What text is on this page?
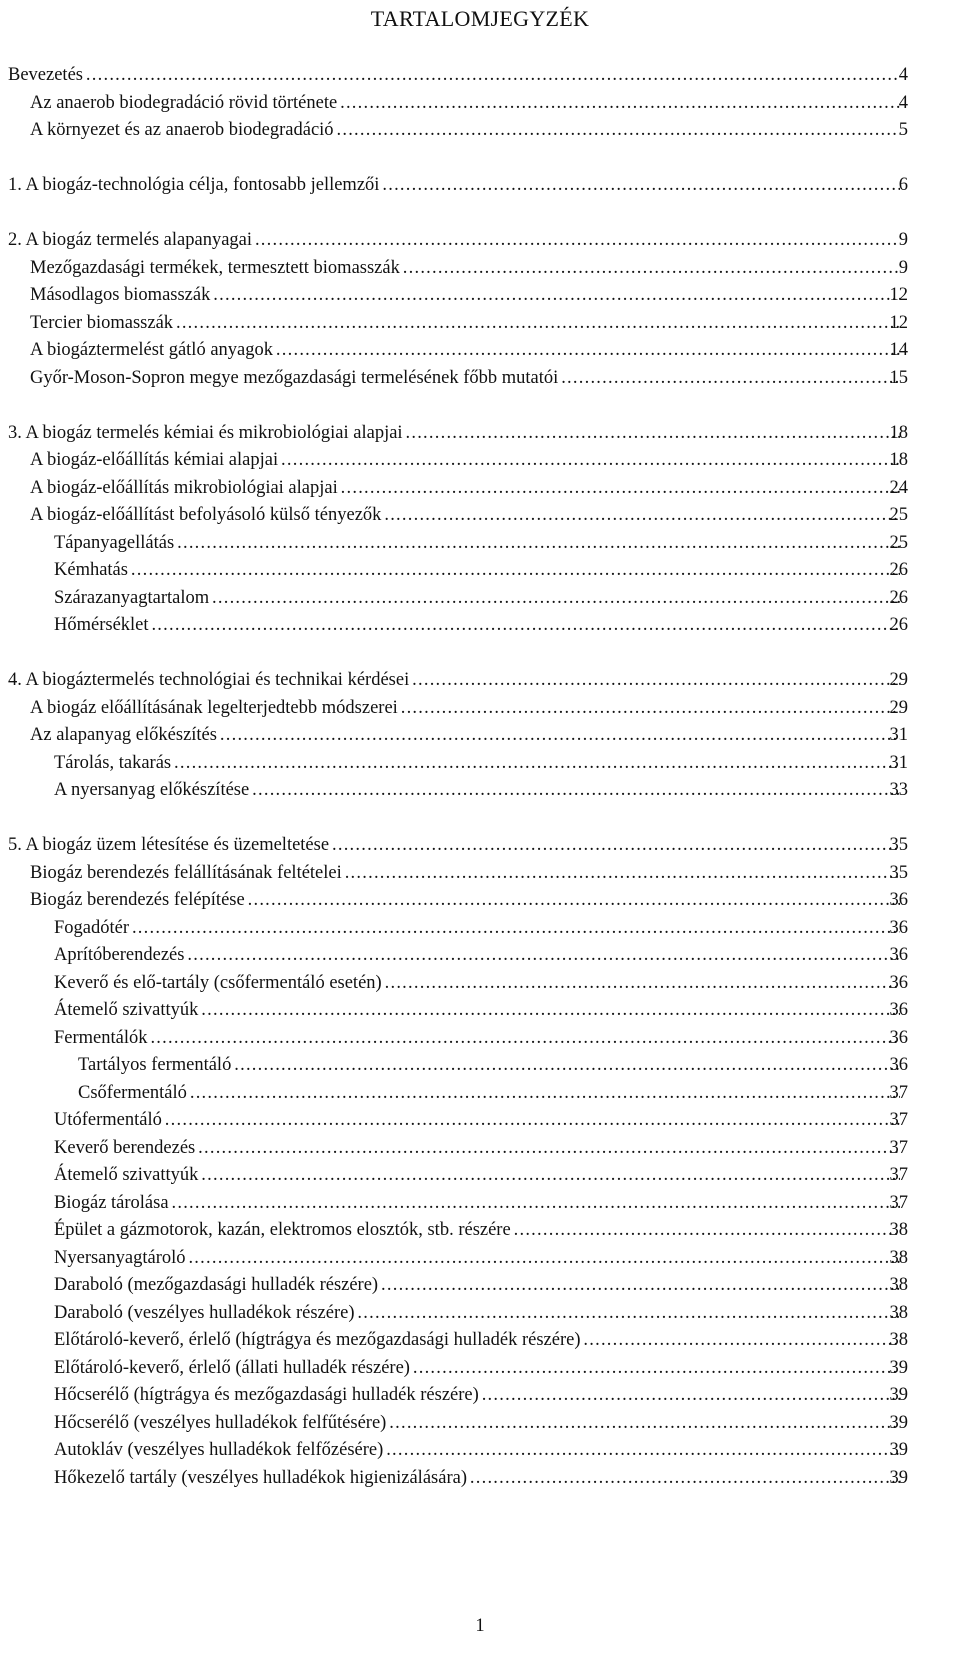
TARTALOMJEGYZÉK
Bevezetés . . .	4
Az anaerob biodegradáció rövid története . . .	4
A környezet és az anaerob biodegradáció . . .	5
1. A biogáz-technológia célja, fontosabb jellemzői . . .	6
2. A biogáz termelés alapanyagai . . .	9
Mezőgazdasági termékek, termesztett biomasszák . . .	9
Másodlagos biomasszák . . .	12
Tercier biomasszák . . .	12
A biogáztermelést gátló anyagok . . .	14
Győr-Moson-Sopron megye mezőgazdasági termelésének főbb mutatói . . .	15
3. A biogáz termelés kémiai és mikrobiológiai alapjai . . .	18
A biogáz-előállítás kémiai alapjai . . .	18
A biogáz-előállítás mikrobiológiai alapjai . . .	24
A biogáz-előállítást befolyásoló külső tényezők . . .	25
Tápanyagellátás . . .	25
Kémhatás . . .	26
Szárazanyagtartalom . . .	26
Hőmérséklet . . .	26
4. A biogáztermelés technológiai és technikai kérdései . . .	29
A biogáz előállításának legelterjedtebb módszerei . . .	29
Az alapanyag előkészítés . . .	31
Tárolás, takarás . . .	31
A nyersanyag előkészítése . . .	33
5. A biogáz üzem létesítése és üzemeltetése . . .	35
Biogáz berendezés felállításának feltételei . . .	35
Biogáz berendezés felépítése . . .	36
Fogadótér . . .	36
Aprítóberendezés . . .	36
Keverő és elő-tartály (csőfermentáló esetén) . . .	36
Átemelő szivattyúk . . .	36
Fermentálók . . .	36
Tartályos fermentáló . . .	36
Csőfermentáló . . .	37
Utófermentáló . . .	37
Keverő berendezés . . .	37
Átemelő szivattyúk . . .	37
Biogáz tárolása . . .	37
Épület a gázmotorok, kazán, elektromos elosztók, stb. részére . . .	38
Nyersanyagtároló . . .	38
Daraboló (mezőgazdasági hulladék részére) . . .	38
Daraboló (veszélyes hulladékok részére) . . .	38
Előtároló-keverő, érlelő (hígtrágya és mezőgazdasági hulladék részére) . . .	38
Előtároló-keverő, érlelő (állati hulladék részére) . . .	39
Hőcserélő (hígtrágya és mezőgazdasági hulladék részére) . . .	39
Hőcserélő (veszélyes hulladékok felfűtésére) . . .	39
Autokláv (veszélyes hulladékok felfőzésére) . . .	39
Hőkezelő tartály (veszélyes hulladékok higienizálására) . . .	39
1
